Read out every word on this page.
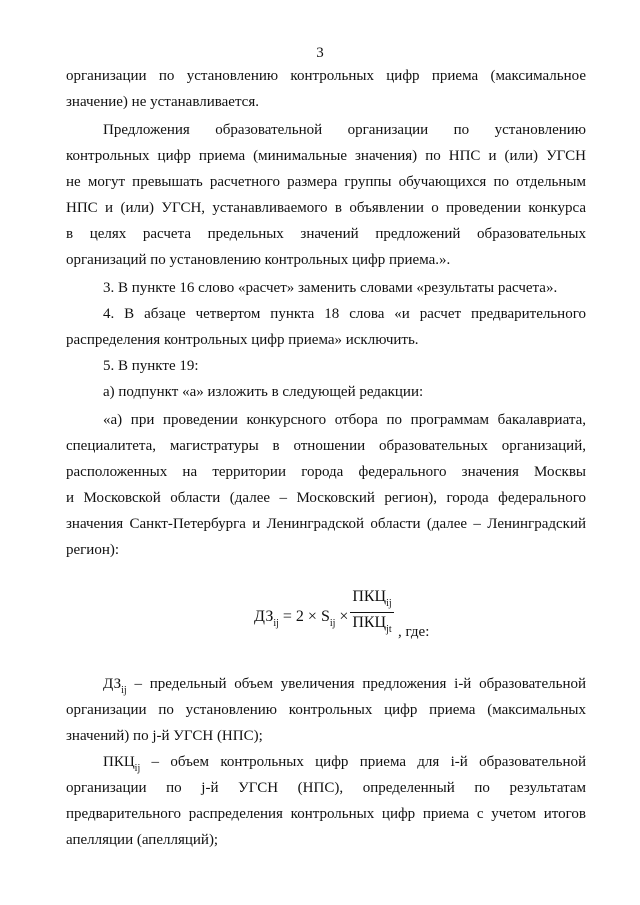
3
организации по установлению контрольных цифр приема (максимальное
значение) не устанавливается.
Предложения образовательной организации по установлению
контрольных цифр приема (минимальные значения) по НПС и (или) УГСН
не могут превышать расчетного размера группы обучающихся по отдельным
НПС и (или) УГСН, устанавливаемого в объявлении о проведении конкурса
в целях расчета предельных значений предложений образовательных
организаций по установлению контрольных цифр приема.».
3. В пункте 16 слово «расчет» заменить словами «результаты расчета».
4. В абзаце четвертом пункта 18 слова «и расчет предварительного
распределения контрольных цифр приема» исключить.
5. В пункте 19:
а) подпункт «а» изложить в следующей редакции:
«а) при проведении конкурсного отбора по программам бакалавриата,
специалитета, магистратуры в отношении образовательных организаций,
расположенных на территории города федерального значения Москвы
и Московской области (далее – Московский регион), города федерального
значения Санкт-Петербурга и Ленинградской области (далее – Ленинградский
регион):
$ДЗ_{ij} = 2 \times S_{ij}$ ×
$ПКЦ_{ij}$
$ПКЦ_{jt}$ , где:
$ДЗ_{ij}$ – предельный объем увеличения предложения i-й образовательной
организации по установлению контрольных цифр приема (максимальных
значений) по j-й УГСН (НПС);
$ПКЦ_{ij}$ – объем контрольных цифр приема для i-й образовательной
организации по j-й УГСН (НПС), определенный по результатам
предварительного распределения контрольных цифр приема с учетом итогов
апелляции (апелляций);
